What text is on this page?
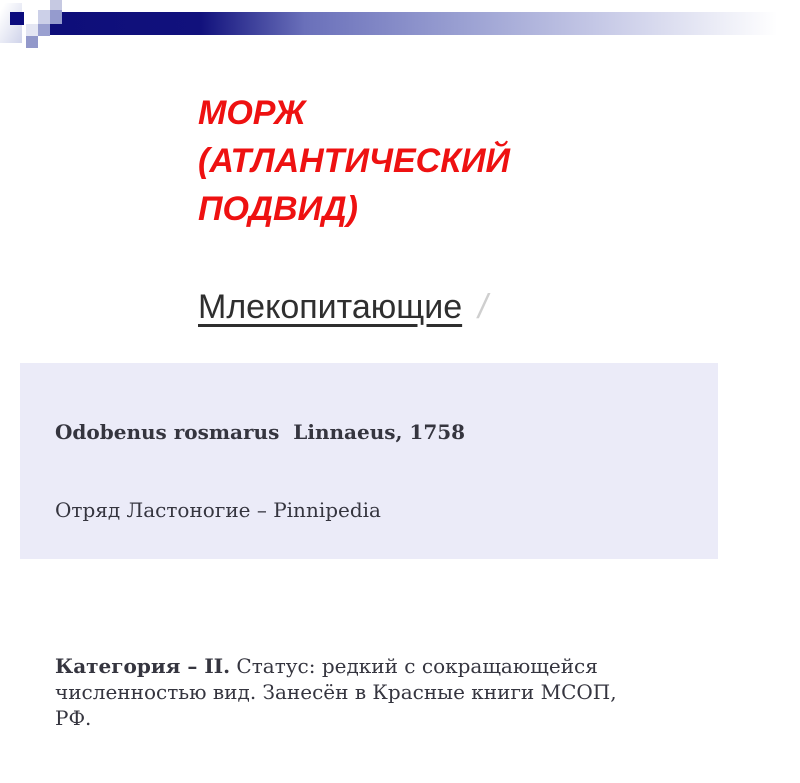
МОРЖ
(АТЛАНТИЧЕСКИЙ
ПОДВИД)
Млекопитающие /

Odobenus rosmarus  Linnaeus, 1758

Отряд Ластоногие – Pinnipedia

Категория – II. Статус: редкий с сокращающейся
численностью вид. Занесён в Красные книги МСОП,
РФ.
